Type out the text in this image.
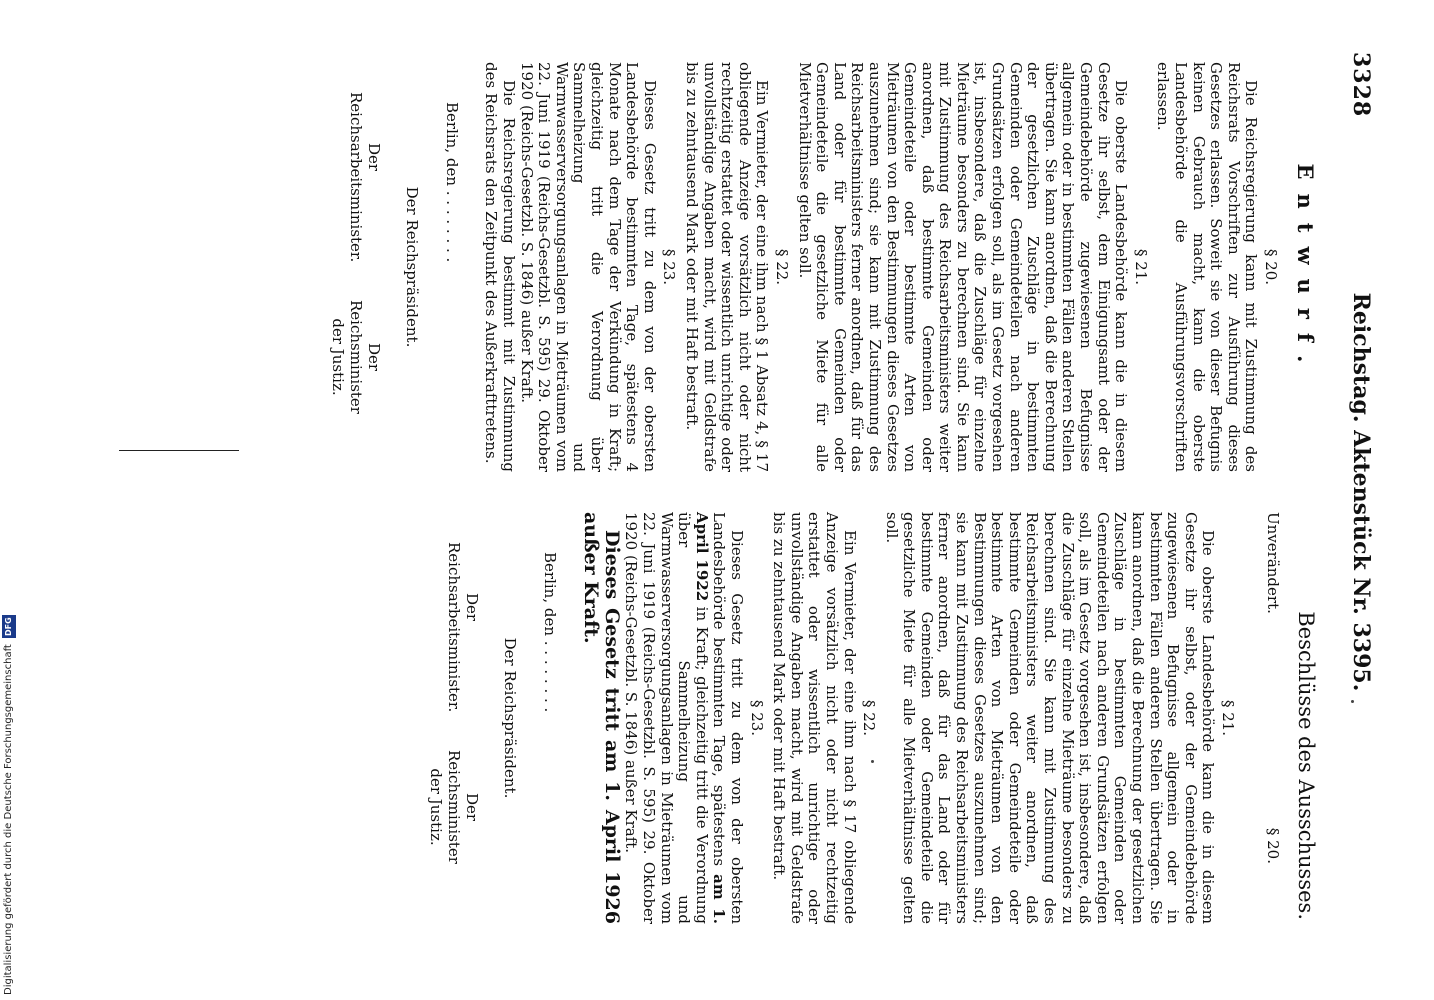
3328
Reichstag. Aktenstück Nr. 3395.
Entwurf.
Beschlüsse des Ausschusses.
§ 20.

Die Reichsregierung kann mit Zustimmung des Reichsrats Vorschriften zur Ausführung dieses Gesetzes erlassen. Soweit sie von dieser Befugnis keinen Gebrauch macht, kann die oberste Landesbehörde die Ausführungsvorschriften erlassen.

§ 21.

Die oberste Landesbehörde kann die in diesem Gesetze ihr selbst, dem Einigungsamt oder der Gemeindebehörde zugewiesenen Befugnisse allgemein oder in bestimmten Fällen anderen Stellen übertragen. Sie kann anordnen, daß die Berechnung der gesetzlichen Zuschläge in bestimmten Gemeinden oder Gemeindeteilen nach anderen Grundsätzen erfolgen soll, als im Gesetz vorgesehen ist, insbesondere, daß die Zuschläge für einzelne Mieträume besonders zu berechnen sind. Sie kann mit Zustimmung des Reichsarbeitsministers weiter anordnen, daß bestimmte Gemeinden oder Gemeindeteile oder bestimmte Arten von Mieträumen von den Bestimmungen dieses Gesetzes auszunehmen sind; sie kann mit Zustimmung des Reichsarbeitsministers ferner anordnen, daß für das Land oder für bestimmte Gemeinden oder Gemeindeteile die gesetzliche Miete für alle Mietverhältnisse gelten soll.

§ 22.

Ein Vermieter, der eine ihm nach § 1 Absatz 4, § 17 obliegende Anzeige vorsätzlich nicht oder nicht rechtzeitig erstattet oder wissentlich unrichtige oder unvollständige Angaben macht, wird mit Geldstrafe bis zu zehntausend Mark oder mit Haft bestraft.

§ 23.

Dieses Gesetz tritt zu dem von der obersten Landesbehörde bestimmten Tage, spätestens 4 Monate nach dem Tage der Verkündung in Kraft; gleichzeitig tritt die Verordnung über Sammelheizung und Warmwasserversorgungsanlagen in Mieträumen vom 22. Juni 1919 (Reichs-Gesetzbl. S. 595) 29. Oktober 1920 (Reichs-Gesetzbl. S. 1846) außer Kraft.

Die Reichsregierung bestimmt mit Zustimmung des Reichsrats den Zeitpunkt des Außerkrafttretens.

Berlin, den . . . . . . . .
Der Reichspräsident.
Der Reichsarbeitsminister.
Der Reichsminister der Justiz.
Unverändert.
§ 20.
§ 21.

Die oberste Landesbehörde kann die in diesem Gesetze ihr selbst, oder der Gemeindebehörde zugewiesenen Befugnisse allgemein oder in bestimmten Fällen anderen Stellen übertragen. Sie kann anordnen, daß die Berechnung der gesetzlichen Zuschläge in bestimmten Gemeinden oder Gemeindeteilen nach anderen Grundsätzen erfolgen soll, als im Gesetz vorgesehen ist, insbesondere, daß die Zuschläge für einzelne Mieträume besonders zu berechnen sind. Sie kann mit Zustimmung des Reichsarbeitsministers weiter anordnen, daß bestimmte Gemeinden oder Gemeindeteile oder bestimmte Arten von Mieträumen von den Bestimmungen dieses Gesetzes auszunehmen sind; sie kann mit Zustimmung des Reichsarbeitsministers ferner anordnen, daß für das Land oder für bestimmte Gemeinden oder Gemeindeteile die gesetzliche Miete für alle Mietverhältnisse gelten soll.

§ 22.

Ein Vermieter, der eine ihm nach § 17 obliegende Anzeige vorsätzlich nicht oder nicht rechtzeitig erstattet oder wissentlich unrichtige oder unvollständige Angaben macht, wird mit Geldstrafe bis zu zehntausend Mark oder mit Haft bestraft.

§ 23.

Dieses Gesetz tritt zu dem von der obersten Landesbehörde bestimmten Tage, spätestens am 1. April 1922 in Kraft; gleichzeitig tritt die Verordnung über Sammelheizung und Warmwasserversorgungsanlagen in Mieträumen vom 22. Juni 1919 (Reichs-Gesetzbl. S. 595) 29. Oktober 1920 (Reichs-Gesetzbl. S. 1846) außer Kraft.

Dieses Gesetz tritt am 1. April 1926 außer Kraft.

Berlin, den . . . . . . . .
Der Reichspräsident.
Der Reichsarbeitsminister.
Der Reichsminister der Justiz.
Digitalisierung gefördert durch die Deutsche Forschungsgemeinschaft DFG
